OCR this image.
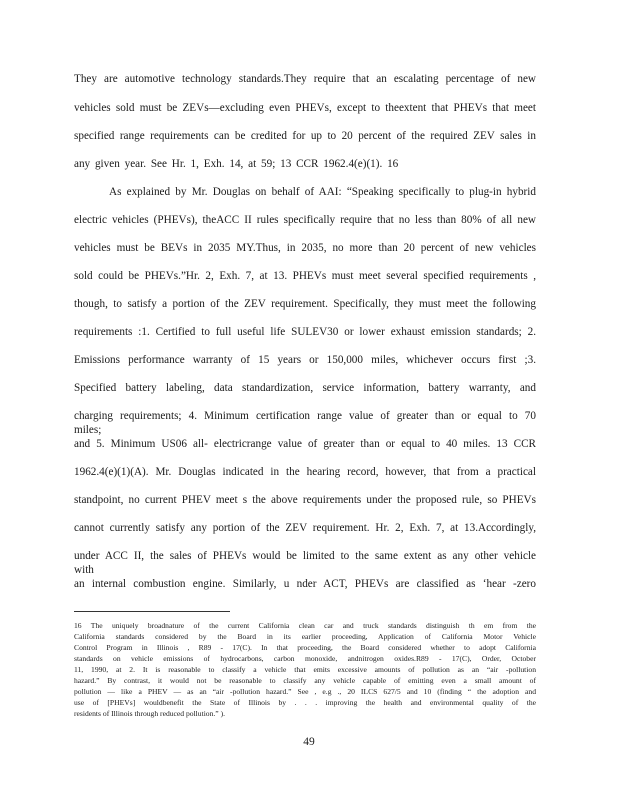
They are automotive technology standards.They require that an escalating percentage of new
vehicles sold must be ZEVs—excluding even PHEVs, except to theextent that PHEVs that meet
specified range requirements can be credited for up to 20 percent of the required ZEV sales in
any given year. See Hr. 1, Exh. 14, at 59; 13 CCR 1962.4(e)(1). 16
As explained by Mr. Douglas on behalf of AAI: “Speaking specifically to plug-in hybrid
electric vehicles (PHEVs), theACC II rules specifically require that no less than 80% of all new
vehicles must be BEVs in 2035 MY.Thus, in 2035, no more than 20 percent of new vehicles
sold could be PHEVs.”Hr. 2, Exh. 7, at 13. PHEVs must meet several specified requirements ,
though, to satisfy a portion of the ZEV requirement. Specifically, they must meet the following
requirements :1. Certified to full useful life SULEV30 or lower exhaust emission standards; 2.
Emissions performance warranty of 15 years or 150,000 miles, whichever occurs first ;3.
Specified battery labeling, data standardization, service information, battery warranty, and
charging requirements; 4. Minimum certification range value of greater than or equal to 70 miles;
and 5. Minimum US06 all- electricrange value of greater than or equal to 40 miles. 13 CCR
1962.4(e)(1)(A). Mr. Douglas indicated in the hearing record, however, that from a practical
standpoint, no current PHEV meet s the above requirements under the proposed rule, so PHEVs
cannot currently satisfy any portion of the ZEV requirement. Hr. 2, Exh. 7, at 13.Accordingly,
under ACC II, the sales of PHEVs would be limited to the same extent as any other vehicle with
an internal combustion engine. Similarly, u nder ACT, PHEVs are classified as ‘hear -zero
16 The uniquely broadnature of the current California clean car and truck standards distinguish th em from the
California standards considered by the Board in its earlier proceeding, Application of California Motor Vehicle
Control Program in Illinois , R89 - 17(C). In that proceeding, the Board considered whether to adopt California
standards on vehicle emissions of hydrocarbons, carbon monoxide, andnitrogen oxides.R89 - 17(C), Order, October
11, 1990, at 2. It is reasonable to classify a vehicle that emits excessive amounts of pollution as an “air -pollution
hazard.” By contrast, it would not be reasonable to classify any vehicle capable of emitting even a small amount of
pollution — like a PHEV — as an “air -pollution hazard.” See , e.g ., 20 ILCS 627/5 and 10 (finding “ the adoption and
use of [PHEVs] wouldbenefit the State of Illinois by . . . improving the health and environmental quality of the
residents of Illinois through reduced pollution.” ).
49
